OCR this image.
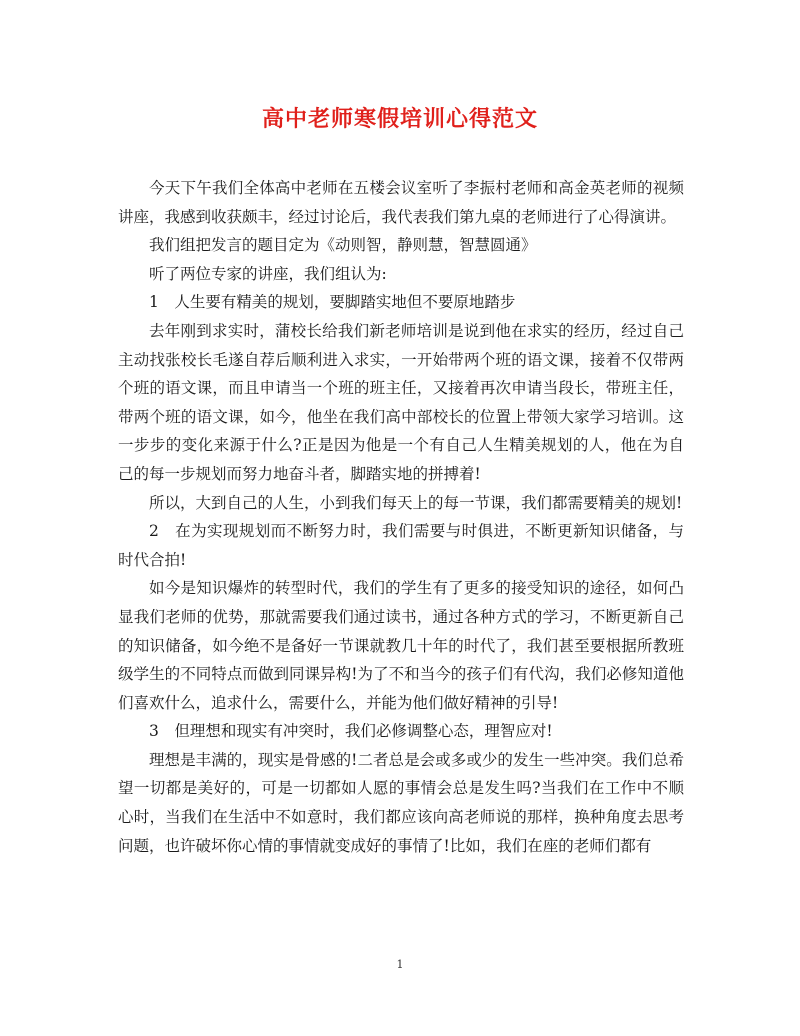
高中老师寒假培训心得范文

今天下午我们全体高中老师在五楼会议室听了李振村老师和高金英老师的视频讲座，我感到收获颇丰，经过讨论后，我代表我们第九桌的老师进行了心得演讲。

我们组把发言的题目定为《动则智，静则慧，智慧圆通》

听了两位专家的讲座，我们组认为:

1　人生要有精美的规划，要脚踏实地但不要原地踏步

去年刚到求实时，蒲校长给我们新老师培训是说到他在求实的经历，经过自己主动找张校长毛遂自荐后顺利进入求实，一开始带两个班的语文课，接着不仅带两个班的语文课，而且申请当一个班的班主任，又接着再次申请当段长，带班主任，带两个班的语文课，如今，他坐在我们高中部校长的位置上带领大家学习培训。这一步步的变化来源于什么?正是因为他是一个有自己人生精美规划的人，他在为自己的每一步规划而努力地奋斗者，脚踏实地的拼搏着!

所以，大到自己的人生，小到我们每天上的每一节课，我们都需要精美的规划!

2　在为实现规划而不断努力时，我们需要与时俱进，不断更新知识储备，与时代合拍!

如今是知识爆炸的转型时代，我们的学生有了更多的接受知识的途径，如何凸显我们老师的优势，那就需要我们通过读书，通过各种方式的学习，不断更新自己的知识储备，如今绝不是备好一节课就教几十年的时代了，我们甚至要根据所教班级学生的不同特点而做到同课异构!为了不和当今的孩子们有代沟，我们必修知道他们喜欢什么，追求什么，需要什么，并能为他们做好精神的引导!

3　但理想和现实有冲突时，我们必修调整心态，理智应对!

理想是丰满的，现实是骨感的!二者总是会或多或少的发生一些冲突。我们总希望一切都是美好的，可是一切都如人愿的事情会总是发生吗?当我们在工作中不顺心时，当我们在生活中不如意时，我们都应该向高老师说的那样，换种角度去思考问题，也许破坏你心情的事情就变成好的事情了!比如，我们在座的老师们都有

1
